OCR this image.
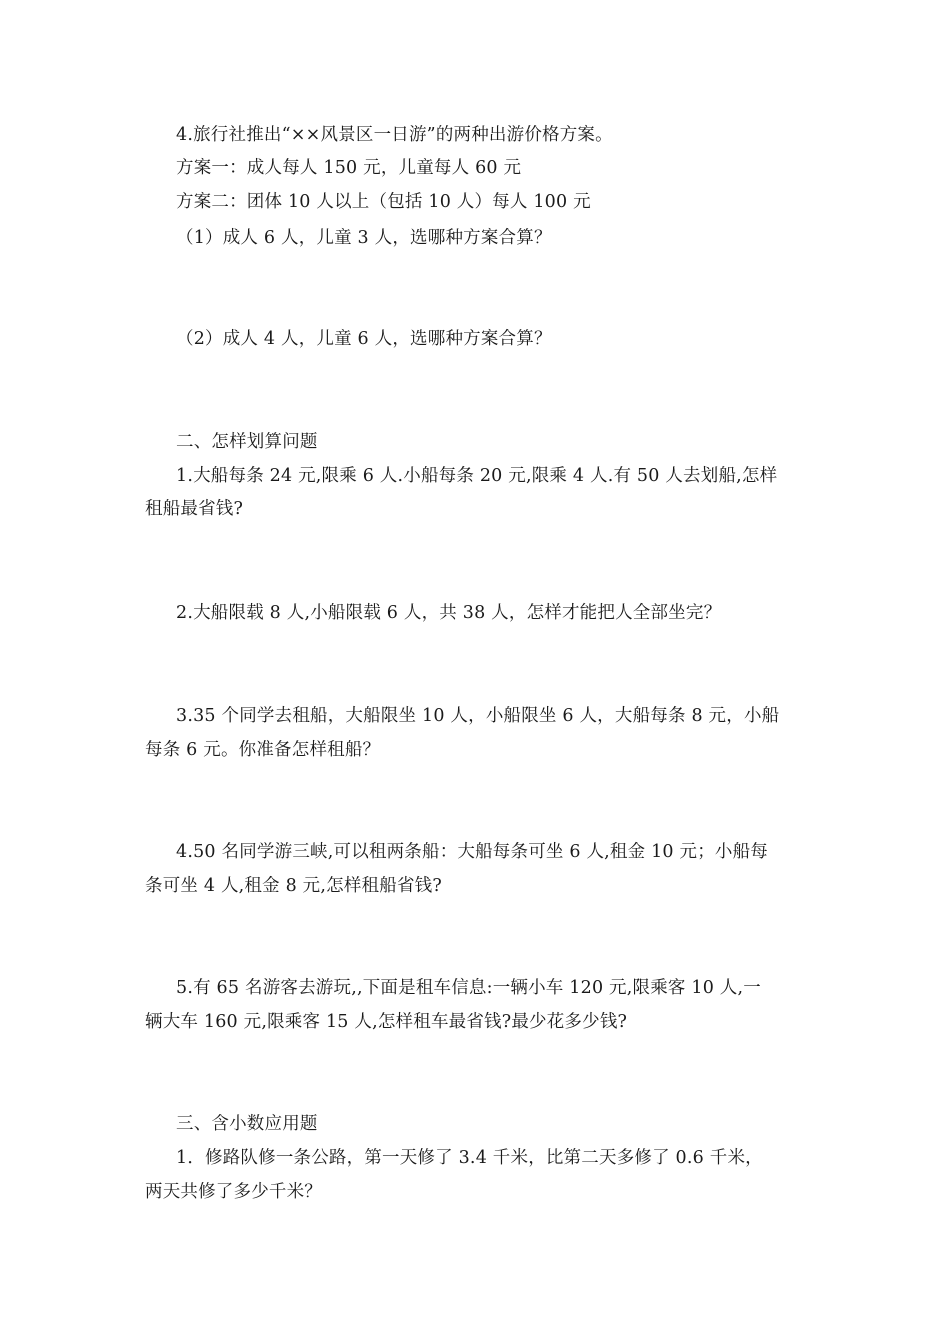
4.旅行社推出“××风景区一日游”的两种出游价格方案。
方案一：成人每人 150 元，儿童每人 60 元
方案二：团体 10 人以上（包括 10 人）每人 100 元
（1）成人 6 人，儿童 3 人，选哪种方案合算？
（2）成人 4 人，儿童 6 人，选哪种方案合算？
二、怎样划算问题
1.大船每条 24 元,限乘 6 人.小船每条 20 元,限乘 4 人.有 50 人去划船,怎样
租船最省钱?
2.大船限载 8 人,小船限载 6 人，共 38 人，怎样才能把人全部坐完？
3.35 个同学去租船，大船限坐 10 人，小船限坐 6 人，大船每条 8 元，小船
每条 6 元。你准备怎样租船？
4.50 名同学游三峡,可以租两条船：大船每条可坐 6 人,租金 10 元；小船每
条可坐 4 人,租金 8 元,怎样租船省钱?
5.有 65 名游客去游玩,,下面是租车信息:一辆小车 120 元,限乘客 10 人,一
辆大车 160 元,限乘客 15 人,怎样租车最省钱?最少花多少钱?
三、含小数应用题
1．修路队修一条公路，第一天修了 3.4 千米，比第二天多修了 0.6 千米，
两天共修了多少千米？
